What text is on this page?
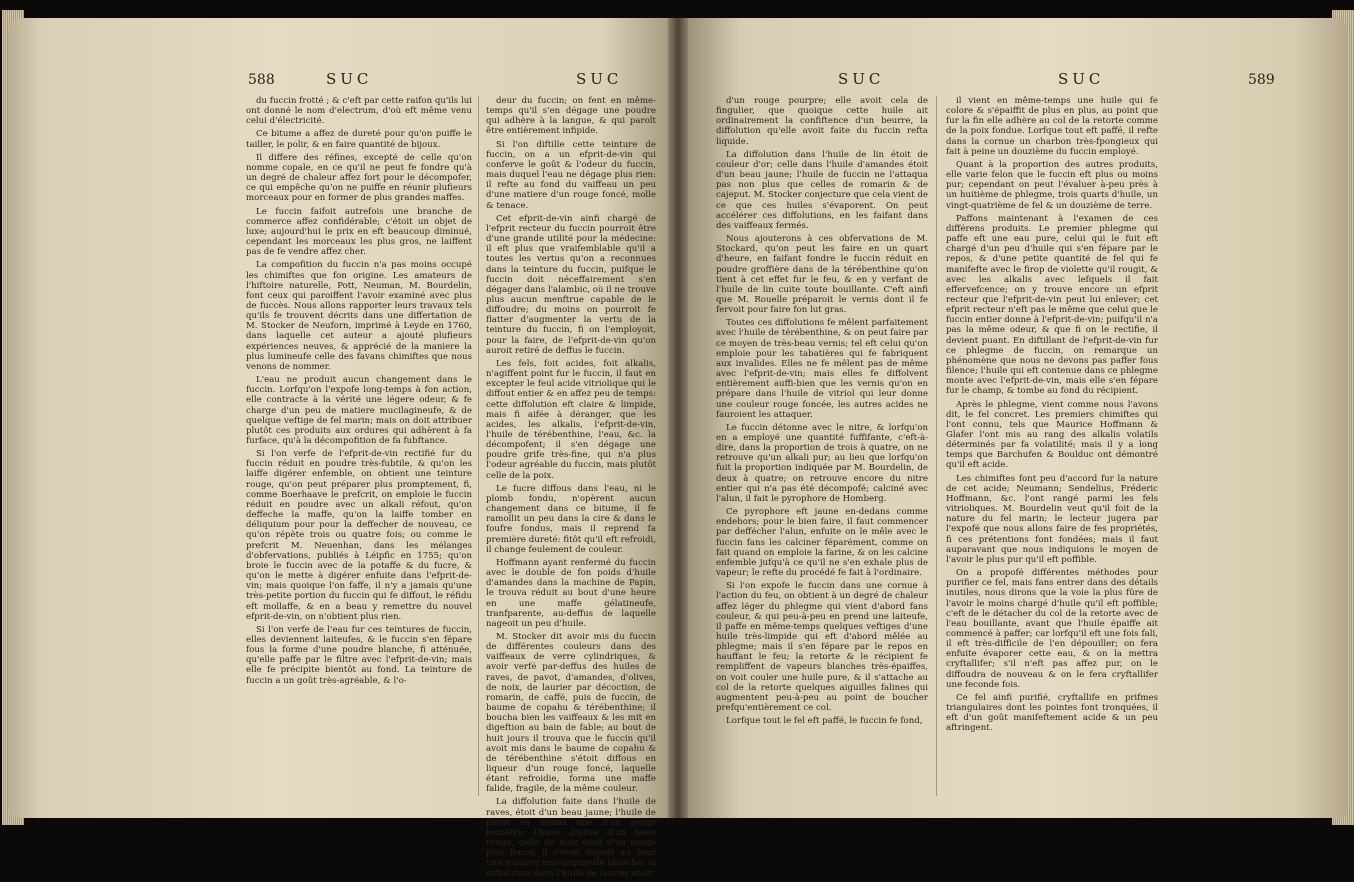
588	SUC	SUC

du fuccin frotté ; & c'eft par cette raifon qu'ils lui ont donné le nom d'electrum, d'où eft même venu celui d'électricité.

Ce bitume a affez de dureté pour qu'on puiffe le tailler, le polir, & en faire quantité de bijoux.

Il differe des réfines, excepté de celle qu'on nomme copale, en ce qu'il ne peut fe fondre qu'à un degré de chaleur affez fort pour le décompofer, ce qui empêche qu'on ne puiffe en réunir plufieurs morceaux pour en former de plus grandes maffes.

Le fuccin faifoit autrefois une branche de commerce affez confidérable; c'étoit un objet de luxe; aujourd'hui le prix en eft beaucoup diminué, cependant les morceaux les plus gros, ne laiffent pas de fe vendre affez cher.

La compofition du fuccin n'a pas moins occupé les chimiftes que fon origine. Les amateurs de l'hiftoire naturelle, Pott, Neuman, M. Bourdelin, font ceux qui paroiffent l'avoir examiné avec plus de fuccès. Nous allons rapporter leurs travaux tels qu'ils fe trouvent décrits dans une differtation de M. Stocker de Neuforn, imprimé à Leyde en 1760, dans laquelle cet auteur a ajouté plufieurs expériences neuves, & apprécié de la maniere la plus lumineufe celle des favans chimiftes que nous venons de nommer.

L'eau ne produit aucun changement dans le fuccin. Lorfqu'on l'expofe long-temps à fon action, elle contracte à la vérité une légere odeur, & fe charge d'un peu de matiere mucilagineufe, & de quelque veftige de fel marin; mais on doit attribuer plutôt ces produits aux ordures qui adhèrent à fa furface, qu'à la décompofition de fa fubftance.

Si l'on verfe de l'efprit-de-vin rectifié fur du fuccin réduit en poudre très-fubtile, & qu'on les laiffe digérer enfemble, on obtient une teinture rouge, qu'on peut préparer plus promptement, fi, comme Boerhaave le prefcrit, on emploie le fuccin réduit en poudre avec un alkali réfout, qu'on deffeche la maffe, qu'on la laiffe tomber en déliquium pour pour la deffecher de nouveau, ce qu'on répète trois ou quatre fois; ou comme le prefcrit M. Neuenhan, dans les mélanges d'obfervations, publiés à Léipfic en 1755; qu'on broie le fuccin avec de la potaffe & du fucre, & qu'on le mette à digérer enfuite dans l'efprit-de-vin; mais quoique l'on faffe, il n'y a jamais qu'une très-petite portion du fuccin qui fe diffout, le réfidu eft mollaffe, & en a beau y remettre du nouvel efprit-de-vin, on n'obtient plus rien.

Si l'on verfe de l'eau fur ces teintures de fuccin, elles deviennent laiteufes, & le fuccin s'en fépare fous la forme d'une poudre blanche, fi atténuée, qu'elle paffe par le filtre avec l'efprit-de-vin; mais elle fe précipite bientôt au fond. La teinture de fuccin a un goût très-agréable, & l'o-

deur du fuccin; on fent en même-temps qu'il s'en dégage une poudre qui adhère à la langue, & qui paroît être entièrement infipide.

Si l'on diftille cette teinture de fuccin, on a un efprit-de-vin qui conferve le goût & l'odeur du fuccin, mais duquel l'eau ne dégage plus rien: il refte au fond du vaiffeau un peu d'une matiere d'un rouge foncé, molle & tenace.

Cet efprit-de-vin ainfi chargé de l'efprit recteur du fuccin pourroit être d'une grande utilité pour la médecine: il eft plus que vraifemblable qu'il a toutes les vertus qu'on a reconnues dans la teinture du fuccin, puifque le fuccin doit néceffairement s'en dégager dans l'alambic, où il ne trouve plus aucun menftrue capable de le diffoudre; du moins on pourroit fe flatter d'augmenter la vertu de la teinture du fuccin, fi on l'employoit, pour la faire, de l'efprit-de-vin qu'on auroit retiré de deffus le fuccin.

Les fels, foit acides, foit alkalis, n'agiffent point fur le fuccin, il faut en excepter le feul acide vitriolique qui le diffout entier & en affez peu de temps: cette diffolution eft claire & limpide, mais fi aifée à déranger, que les acides, les alkalis, l'efprit-de-vin, l'huile de térébenthine, l'eau, &c. la décompofent; il s'en dégage une poudre grife très-fine, qui n'a plus l'odeur agréable du fuccin, mais plutôt celle de la poix.

Le fucre diffous dans l'eau, ni le plomb fondu, n'opèrent aucun changement dans ce bitume, il fe ramollit un peu dans la cire & dans le foufre fondus, mais il reprend fa première dureté: fitôt qu'il eft refroidi, il change feulement de couleur.

Hoffmann ayant renfermé du fuccin avec le double de fon poids d'huile d'amandes dans la machine de Papin, le trouva réduit au bout d'une heure en une maffe gélatineufe, tranfparente, au-deffus de laquelle nageoit un peu d'huile.

M. Stocker dit avoir mis du fuccin de différentes couleurs dans des vaiffeaux de verre cylindriques, & avoir verfé par-deffus des huiles de raves, de pavot, d'amandes, d'olives, de noix, de laurier par décoction, de romarin, de caffé, puis de fuccin, de baume de copahu & térébenthine; il boucha bien les vaiffeaux & les mit en digeftion au bain de fable; au bout de huit jours il trouva que le fuccin qu'il avoit mis dans le baume de copahu & de térébenthine s'étoit diffous en liqueur d'un rouge foncé, laquelle étant refroidie, forma une maffe falide, fragile, de la même couleur.

La diffolution faite dans l'huile de raves, étoit d'un beau jaune; l'huile de pavot en donna une d'un rouge jaunâtre; l'huile d'olive d'un beau rouge, celle de noix étoit d'un rouge plus foncé; il s'étoit dépofé au fond une matiere mucilagineufe blanche; la diffolution dans l'huile de laurier étoit

SUC	SUC	589

d'un rouge pourpre; elle avoit cela de fingulier, que quoique cette huile ait ordinairement la confiftence d'un beurre, la diffolution qu'elle avoit faite du fuccin refta liquide.

La diffolution dans l'huile de lin étoit de couleur d'or; celle dans l'huile d'amandes étoit d'un beau jaune; l'huile de fuccin ne l'attaqua pas non plus que celles de romarin & de cajeput. M. Stocker conjecture que cela vient de ce que ces huiles s'évaporent. On peut accélérer ces diffolutions, en les faifant dans des vaiffeaux fermés.

Nous ajouterons à ces obfervations de M. Stockard, qu'on peut les faire en un quart d'heure, en faifant fondre le fuccin réduit en poudre groffière dans de la térébenthine qu'on tient à cet effet fur le feu, & en y verfant de l'huile de lin cuite toute bouillante. C'eft ainfi que M. Rouelle préparoit le vernis dont il fe fervoit pour faire fon lut gras.

Toutes ces diffolutions fe mêlent parfaitement avec l'huile de térébenthine, & on peut faire par ce moyen de très-beau vernis; tel eft celui qu'on emploie pour les tabatières qui fe fabriquent aux invalides. Elles ne fe mêlent pas de même avec l'efprit-de-vin; mais elles fe diffolvent entièrement auffi-bien que les vernis qu'on en prépare dans l'huile de vitriol qui leur donne une couleur rouge foncée, les autres acides ne fauroient les attaquer.

Le fuccin détonne avec le nitre, & lorfqu'on en a employé une quantité fuffifante, c'eft-à-dire, dans la proportion de trois à quatre, on ne retrouve qu'un alkali pur; au lieu que lorfqu'on fuit la proportion indiquée par M. Bourdelin, de deux à quatre; on retrouve encore du nitre entier qui n'a pas été décompofé; calciné avec l'alun, il fait le pyrophore de Homberg.

Ce pyrophore eft jaune en-dedans comme endehors; pour le bien faire, il faut commencer par deffécher l'alun, enfuite on le mêle avec le fuccin fans les calciner féparément, comme on fait quand on emploie la farine, & on les calcine enfemble jufqu'à ce qu'il ne s'en exhale plus de vapeur; le refte du procédé fe fait à l'ordinaire.

Si l'on expofe le fuccin dans une cornue à l'action du feu, on obtient à un degré de chaleur affez léger du phlegme qui vient d'abord fans couleur, & qui peu-à-peu en prend une laiteufe, il paffe en même-temps quelques veftiges d'une huile très-limpide qui eft d'abord mêlée au phlegme; mais il s'en fépare par le repos en hauffant le feu; la retorte & le récipient fe rempliffent de vapeurs blanches très-épaiffes, on voit couler une huile pure, & il s'attache au col de la retorte quelques aiguilles falines qui augmentent peu-à-peu au point de boucher prefqu'entièrement ce col.

Lorfque tout le fel eft paffé, le fuccin fe fond,

il vient en même-temps une huile qui fe colore & s'épaiffit de plus en plus, au point que fur la fin elle adhère au col de la retorte comme de la poix fondue. Lorfque tout eft paffé, il refte dans la cornue un charbon très-fpongieux qui fait à peine un douzième du fuccin employé.

Quant à la proportion des autres produits, elle varie felon que le fuccin eft plus ou moins pur; cependant on peut l'évaluer à-peu près à un huitième de phlegme, trois quarts d'huile, un vingt-quatrième de fel & un douzième de terre.

Paffons maintenant à l'examen de ces différens produits. Le premier phlegme qui paffe eft une eau pure, celui qui le fuit eft chargé d'un peu d'huile qui s'en fépare par le repos, & d'une petite quantité de fel qui fe manifefte avec le firop de violette qu'il rougit, & avec les alkalis avec lefquels il fait effervefcence; on y trouve encore un efprit recteur que l'efprit-de-vin peut lui enlever; cet efprit recteur n'eft pas le même que celui que le fuccin entier donne à l'efprit-de-vin; puifqu'il n'a pas la même odeur, & que fi on le rectifie, il devient puant. En diftillant de l'efprit-de-vin fur ce phlegme de fuccin, on remarque un phénomène que nous ne devons pas paffer fous filence; l'huile qui eft contenue dans ce phlegme monte avec l'efprit-de-vin, mais elle s'en fépare fur le champ, & tombe au fond du récipient.

Après le phlegme, vient comme nous l'avons dit, le fel concret. Les premiers chimiftes qui l'ont connu, tels que Maurice Hoffmann & Glafer l'ont mis au rang des alkalis volatils déterminés par fa volatilité; mais il y a long temps que Barchufen & Boulduc ont démontré qu'il eft acide.

Les chimiftes font peu d'accord fur la nature de cet acide; Neumann; Sendelius, Fréderic Hoffmann, &c. l'ont rangé parmi les fels vitrioliques. M. Bourdelin veut qu'il foit de la nature du fel marin; le lecteur jugera par l'expofé que nous allons faire de fes propriétés, fi ces prétentions font fondées; mais il faut auparavant que nous indiquions le moyen de l'avoir le plus pur qu'il eft poffible.

On a propofé différentes méthodes pour purifier ce fel, mais fans entrer dans des détails inutiles, nous dirons que la voie la plus fûre de l'avoir le moins chargé d'huile qu'il eft poffible; c'eft de le détacher du col de la retorte avec de l'eau bouillante, avant que l'huile épaiffe ait commencé à paffer; car lorfqu'il eft une fois fali, il eft très-difficile de l'en dépouiller; on fera enfuite évaporer cette eau, & on la mettra cryftallifer; s'il n'eft pas affez pur, on le diffoudra de nouveau & on le fera cryftallifer une feconde fois.

Ce fel ainfi purifié, cryftallife en prifmes triangulaires dont les pointes font tronquées, il eft d'un goût manifeftement acide & un peu aftringent.
